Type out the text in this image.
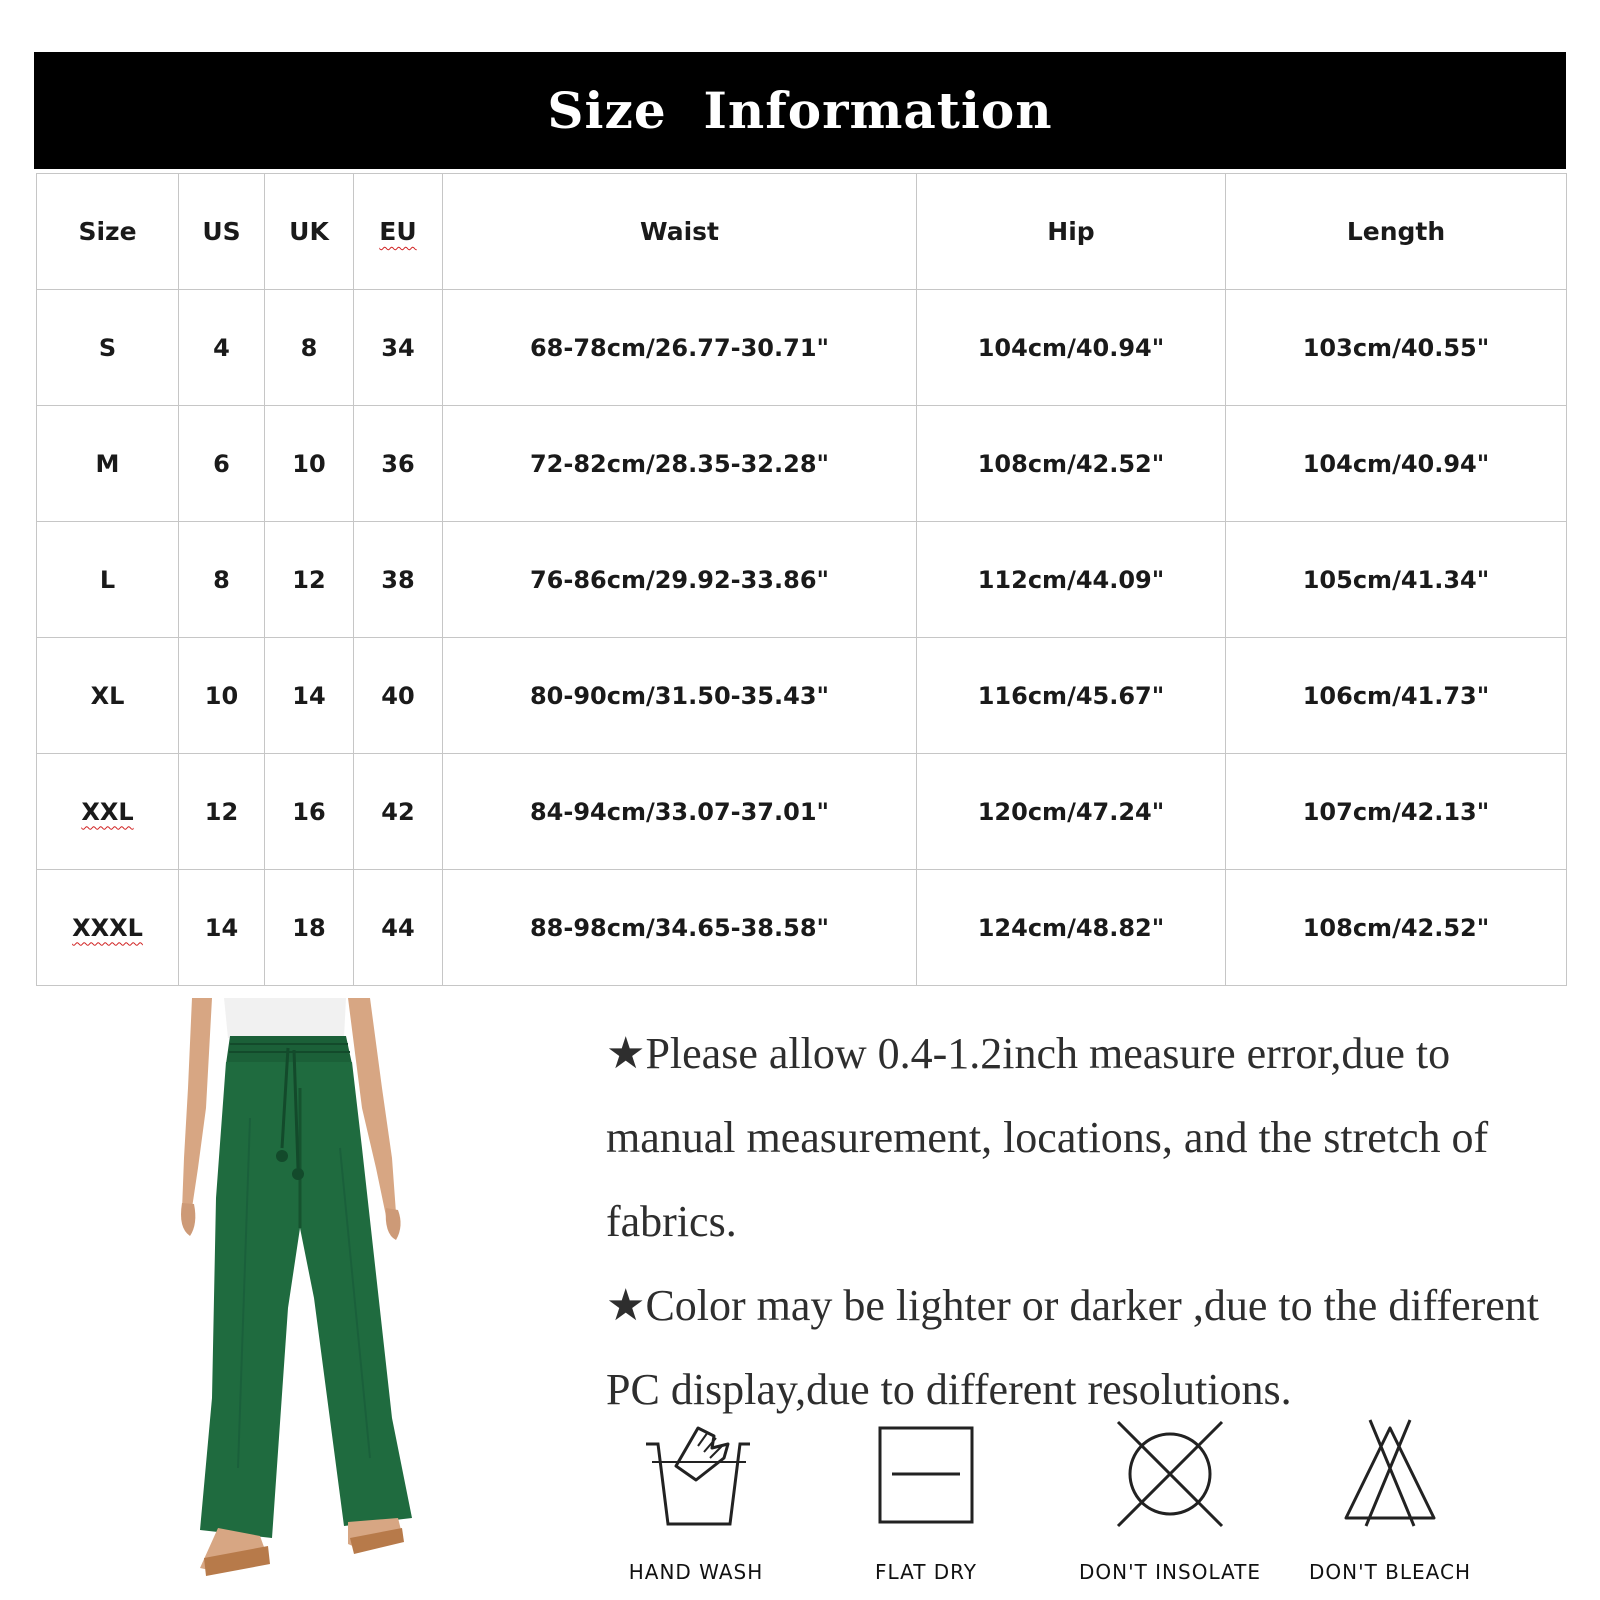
Size  Information
Size	US	UK	EU	Waist	Hip	Length
S	4	8	34	68-78cm/26.77-30.71"	104cm/40.94"	103cm/40.55"
M	6	10	36	72-82cm/28.35-32.28"	108cm/42.52"	104cm/40.94"
L	8	12	38	76-86cm/29.92-33.86"	112cm/44.09"	105cm/41.34"
XL	10	14	40	80-90cm/31.50-35.43"	116cm/45.67"	106cm/41.73"
XXL	12	16	42	84-94cm/33.07-37.01"	120cm/47.24"	107cm/42.13"
XXXL	14	18	44	88-98cm/34.65-38.58"	124cm/48.82"	108cm/42.52"

★Please allow 0.4-1.2inch measure error,due to manual measurement, locations, and the stretch of fabrics.

★Color may be lighter or darker ,due to the different PC display,due to different resolutions.

HAND WASH	FLAT DRY	DON'T INSOLATE	DON'T BLEACH
